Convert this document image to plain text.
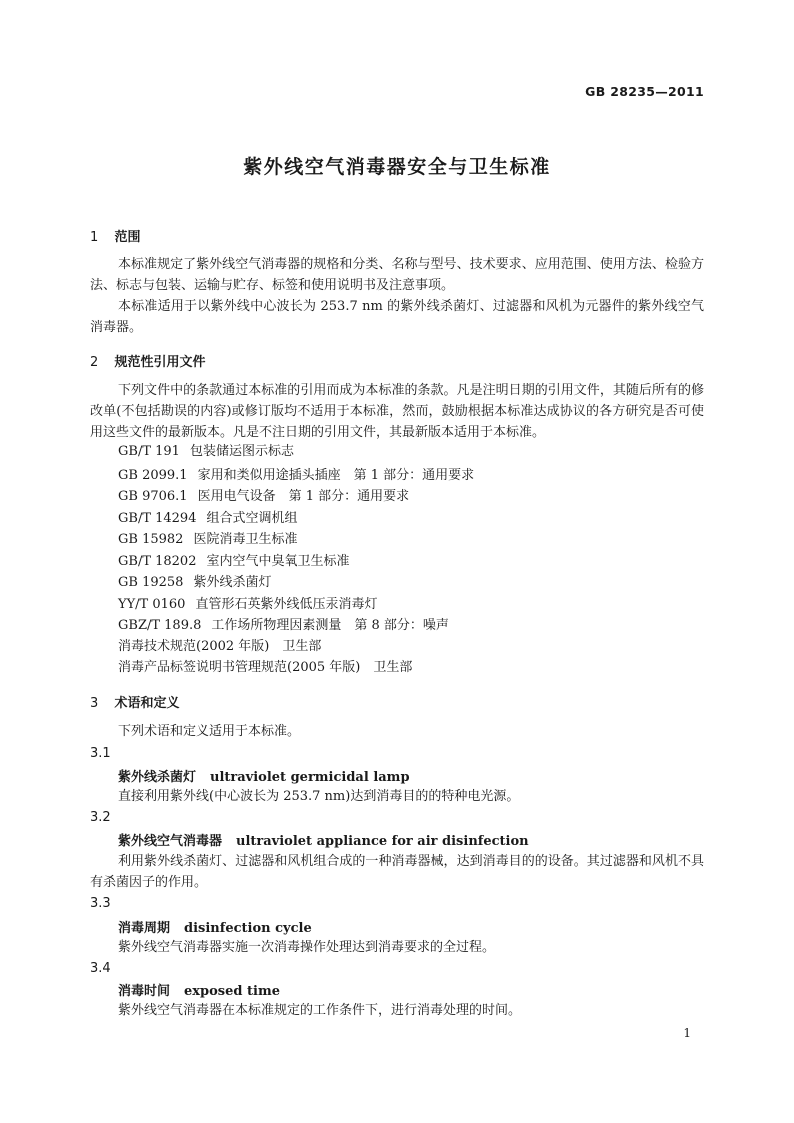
GB 28235—2011
紫外线空气消毒器安全与卫生标准
1 范围
本标准规定了紫外线空气消毒器的规格和分类、名称与型号、技术要求、应用范围、使用方法、检验方法、标志与包装、运输与贮存、标签和使用说明书及注意事项。
本标准适用于以紫外线中心波长为 253.7 nm 的紫外线杀菌灯、过滤器和风机为元器件的紫外线空气消毒器。
2 规范性引用文件
下列文件中的条款通过本标准的引用而成为本标准的条款。凡是注明日期的引用文件，其随后所有的修改单(不包括勘误的内容)或修订版均不适用于本标准，然而，鼓励根据本标准达成协议的各方研究是否可使用这些文件的最新版本。凡是不注日期的引用文件，其最新版本适用于本标准。
GB/T 191 包装储运图示标志
GB 2099.1 家用和类似用途插头插座　第 1 部分：通用要求
GB 9706.1 医用电气设备　第 1 部分：通用要求
GB/T 14294 组合式空调机组
GB 15982 医院消毒卫生标准
GB/T 18202 室内空气中臭氧卫生标准
GB 19258 紫外线杀菌灯
YY/T 0160 直管形石英紫外线低压汞消毒灯
GBZ/T 189.8 工作场所物理因素测量　第 8 部分：噪声
消毒技术规范(2002 年版)　卫生部
消毒产品标签说明书管理规范(2005 年版)　卫生部
3 术语和定义
下列术语和定义适用于本标准。
3.1
紫外线杀菌灯 ultraviolet germicidal lamp
直接利用紫外线(中心波长为 253.7 nm)达到消毒目的的特种电光源。
3.2
紫外线空气消毒器 ultraviolet appliance for air disinfection
利用紫外线杀菌灯、过滤器和风机组合成的一种消毒器械，达到消毒目的的设备。其过滤器和风机不具有杀菌因子的作用。
3.3
消毒周期 disinfection cycle
紫外线空气消毒器实施一次消毒操作处理达到消毒要求的全过程。
3.4
消毒时间 exposed time
紫外线空气消毒器在本标准规定的工作条件下，进行消毒处理的时间。
1
